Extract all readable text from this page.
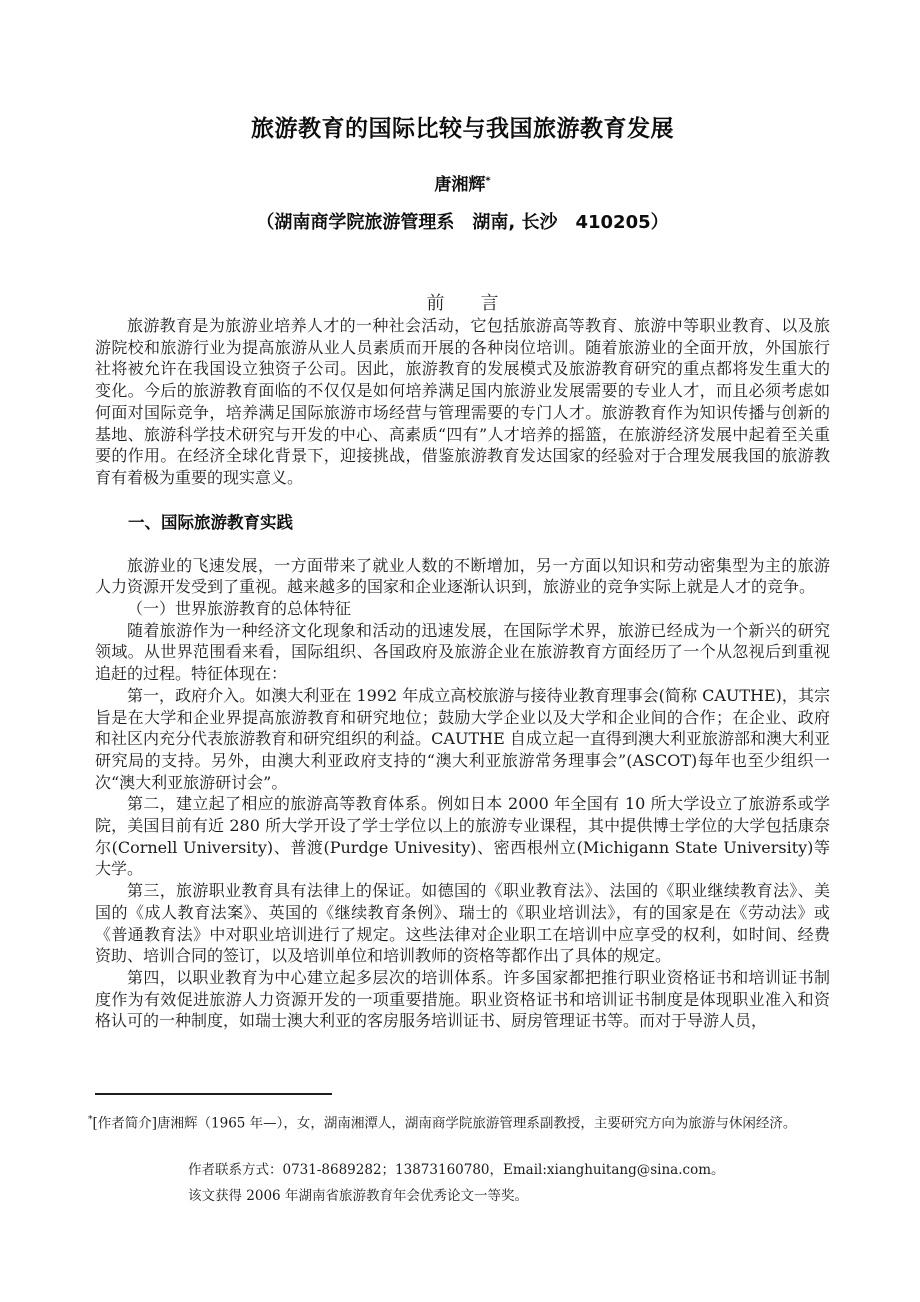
旅游教育的国际比较与我国旅游教育发展
唐湘辉*
（湖南商学院旅游管理系　湖南, 长沙　410205）
前　　言

旅游教育是为旅游业培养人才的一种社会活动，它包括旅游高等教育、旅游中等职业教育、以及旅游院校和旅游行业为提高旅游从业人员素质而开展的各种岗位培训。随着旅游业的全面开放，外国旅行社将被允许在我国设立独资子公司。因此，旅游教育的发展模式及旅游教育研究的重点都将发生重大的变化。今后的旅游教育面临的不仅仅是如何培养满足国内旅游业发展需要的专业人才，而且必须考虑如何面对国际竞争，培养满足国际旅游市场经营与管理需要的专门人才。旅游教育作为知识传播与创新的基地、旅游科学技术研究与开发的中心、高素质“四有”人才培养的摇篮，在旅游经济发展中起着至关重要的作用。在经济全球化背景下，迎接挑战，借鉴旅游教育发达国家的经验对于合理发展我国的旅游教育有着极为重要的现实意义。

一、国际旅游教育实践

旅游业的飞速发展，一方面带来了就业人数的不断增加，另一方面以知识和劳动密集型为主的旅游人力资源开发受到了重视。越来越多的国家和企业逐渐认识到，旅游业的竞争实际上就是人才的竞争。

（一）世界旅游教育的总体特征

随着旅游作为一种经济文化现象和活动的迅速发展，在国际学术界，旅游已经成为一个新兴的研究领域。从世界范围看来看，国际组织、各国政府及旅游企业在旅游教育方面经历了一个从忽视后到重视追赶的过程。特征体现在：

第一，政府介入。如澳大利亚在 1992 年成立高校旅游与接待业教育理事会(简称 CAUTHE)，其宗旨是在大学和企业界提高旅游教育和研究地位；鼓励大学企业以及大学和企业间的合作；在企业、政府和社区内充分代表旅游教育和研究组织的利益。CAUTHE 自成立起一直得到澳大利亚旅游部和澳大利亚研究局的支持。另外，由澳大利亚政府支持的“澳大利亚旅游常务理事会”(ASCOT)每年也至少组织一次“澳大利亚旅游研讨会”。

第二，建立起了相应的旅游高等教育体系。例如日本 2000 年全国有 10 所大学设立了旅游系或学院，美国目前有近 280 所大学开设了学士学位以上的旅游专业课程，其中提供博士学位的大学包括康奈尔(Cornell University)、普渡(Purdge Univesity)、密西根州立(Michigann State University)等大学。

第三，旅游职业教育具有法律上的保证。如德国的《职业教育法》、法国的《职业继续教育法》、美国的《成人教育法案》、英国的《继续教育条例》、瑞士的《职业培训法》，有的国家是在《劳动法》或《普通教育法》中对职业培训进行了规定。这些法律对企业职工在培训中应享受的权利，如时间、经费资助、培训合同的签订，以及培训单位和培训教师的资格等都作出了具体的规定。

第四，以职业教育为中心建立起多层次的培训体系。许多国家都把推行职业资格证书和培训证书制度作为有效促进旅游人力资源开发的一项重要措施。职业资格证书和培训证书制度是体现职业准入和资格认可的一种制度，如瑞士澳大利亚的客房服务培训证书、厨房管理证书等。而对于导游人员，

*[作者简介]唐湘辉（1965 年—），女，湖南湘潭人，湖南商学院旅游管理系副教授，主要研究方向为旅游与休闲经济。
作者联系方式：0731-8689282；13873160780，Email:xianghuitang@sina.com。
该文获得 2006 年湖南省旅游教育年会优秀论文一等奖。
